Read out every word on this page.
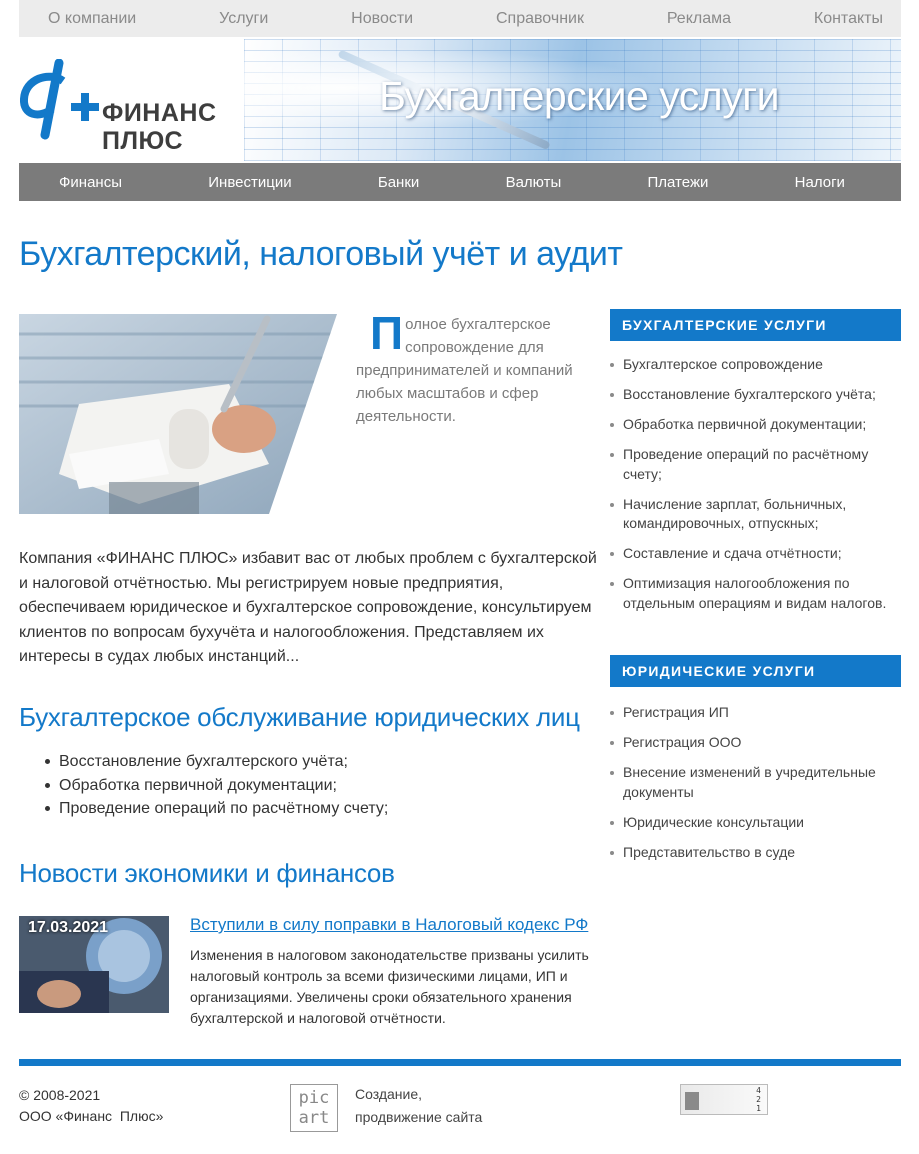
О компании	Услуги	Новости	Справочник	Реклама	Контакты
ФИНАНС
ПЛЮС
Бухгалтерские услуги
Финансы	Инвестиции	Банки	Валюты	Платежи	Налоги
Бухгалтерский, налоговый учёт и аудит

Полное бухгалтерское сопровождение для предпринимателей и компаний любых масштабов и сфер деятельности.

Компания «ФИНАНС ПЛЮС» избавит вас от любых проблем с бухгалтерской и налоговой отчётностью. Мы регистрируем новые предприятия, обеспечиваем юридическое и бухгалтерское сопровождение, консультируем клиентов по вопросам бухучёта и налогообложения. Представляем их интересы в судах любых инстанций...

Бухгалтерское обслуживание юридических лиц
Восстановление бухгалтерского учёта;
Обработка первичной документации;
Проведение операций по расчётному счету;
Новости экономики и финансов
17.03.2021	Вступили в силу поправки в Налоговый кодекс РФ

Изменения в налоговом законодательстве призваны усилить налоговый контроль за всеми физическими лицами, ИП и организациями. Увеличены сроки обязательного хранения бухгалтерской и налоговой отчётности.

БУХГАЛТЕРСКИЕ УСЛУГИ
Бухгалтерское сопровождение
Восстановление бухгалтерского учёта;
Обработка первичной документации;
Проведение операций по расчётному счету;
Начисление зарплат, больничных, командировочных, отпускных;
Составление и сдача отчётности;
Оптимизация налогообложения по отдельным операциям и видам налогов.
ЮРИДИЧЕСКИЕ УСЛУГИ
Регистрация ИП
Регистрация ООО
Внесение изменений в учредительные документы
Юридические консультации
Представительство в суде
© 2008-2021
ООО «Финанс  Плюс»
pic
art
Создание,
продвижение сайта
4
2
1
